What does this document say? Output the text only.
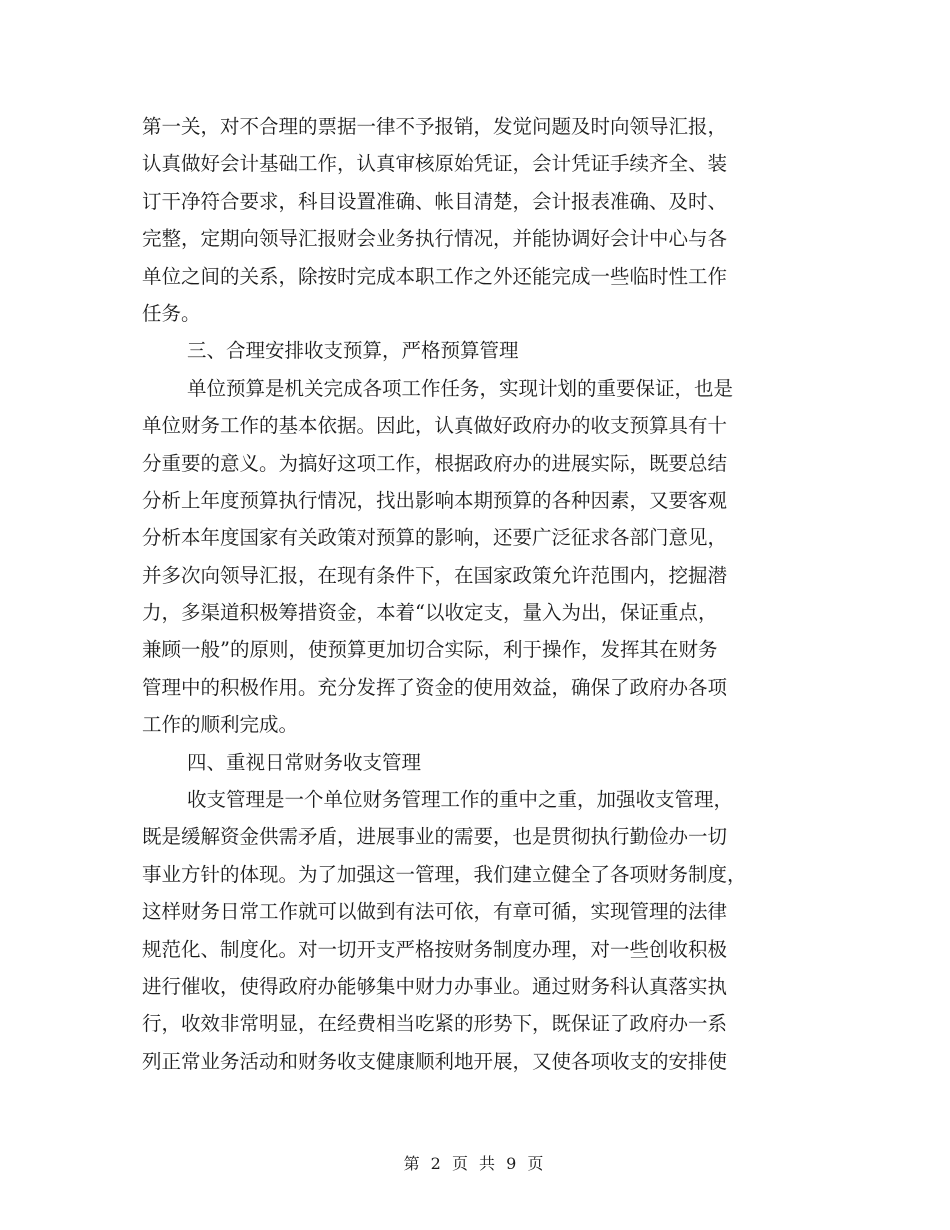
第一关，对不合理的票据一律不予报销，发觉问题及时向领导汇报，
认真做好会计基础工作，认真审核原始凭证，会计凭证手续齐全、装
订干净符合要求，科目设置准确、帐目清楚，会计报表准确、及时、
完整，定期向领导汇报财会业务执行情况，并能协调好会计中心与各
单位之间的关系，除按时完成本职工作之外还能完成一些临时性工作
任务。
三、合理安排收支预算，严格预算管理
单位预算是机关完成各项工作任务，实现计划的重要保证，也是
单位财务工作的基本依据。因此，认真做好政府办的收支预算具有十
分重要的意义。为搞好这项工作，根据政府办的进展实际，既要总结
分析上年度预算执行情况，找出影响本期预算的各种因素，又要客观
分析本年度国家有关政策对预算的影响，还要广泛征求各部门意见，
并多次向领导汇报，在现有条件下，在国家政策允许范围内，挖掘潜
力，多渠道积极筹措资金，本着“以收定支，量入为出，保证重点，
兼顾一般”的原则，使预算更加切合实际，利于操作，发挥其在财务
管理中的积极作用。充分发挥了资金的使用效益，确保了政府办各项
工作的顺利完成。
四、重视日常财务收支管理
收支管理是一个单位财务管理工作的重中之重，加强收支管理，
既是缓解资金供需矛盾，进展事业的需要，也是贯彻执行勤俭办一切
事业方针的体现。为了加强这一管理，我们建立健全了各项财务制度，
这样财务日常工作就可以做到有法可依，有章可循，实现管理的法律
规范化、制度化。对一切开支严格按财务制度办理，对一些创收积极
进行催收，使得政府办能够集中财力办事业。通过财务科认真落实执
行，收效非常明显，在经费相当吃紧的形势下，既保证了政府办一系
列正常业务活动和财务收支健康顺利地开展，又使各项收支的安排使
第 2 页 共 9 页
